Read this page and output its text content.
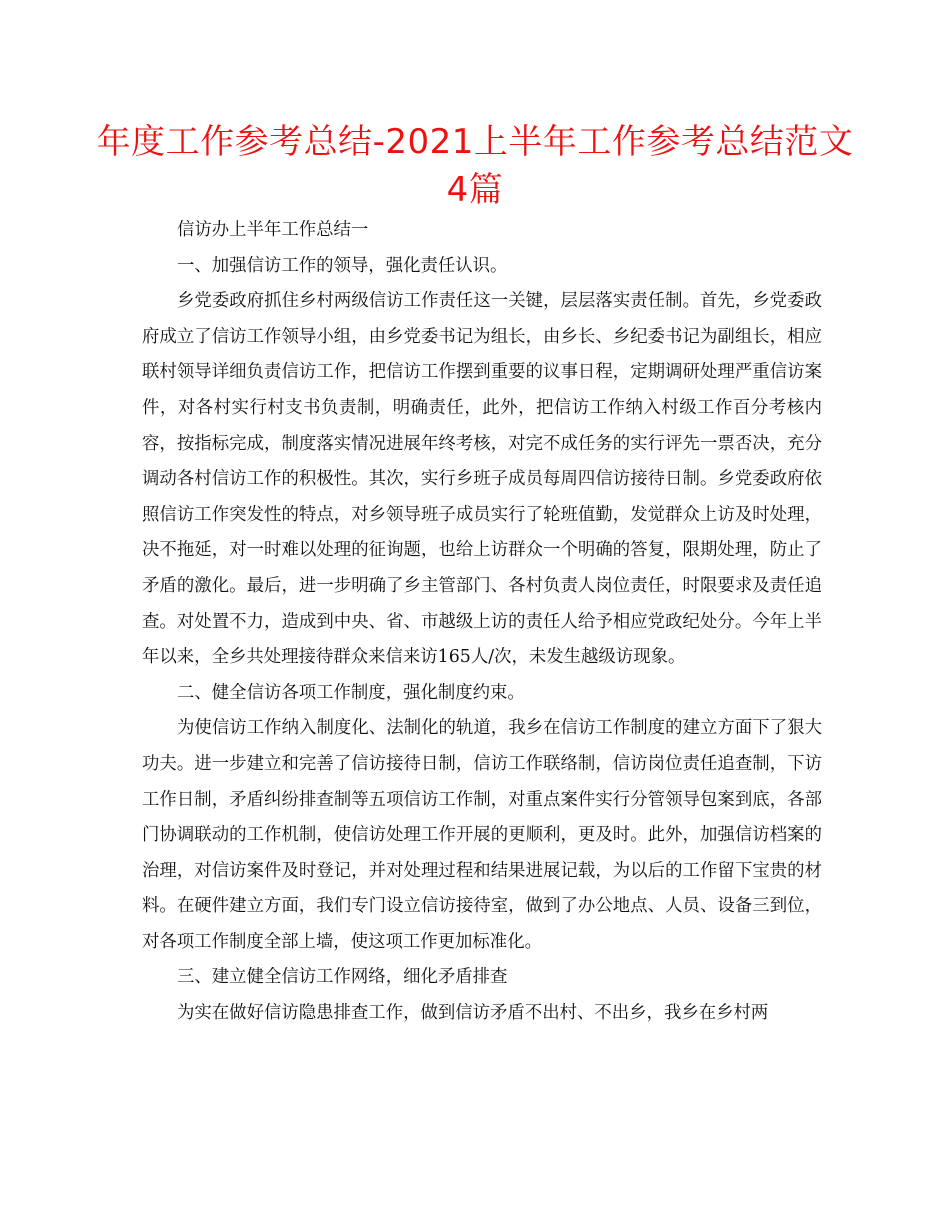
年度工作参考总结-2021上半年工作参考总结范文4篇

信访办上半年工作总结一

一、加强信访工作的领导，强化责任认识。

乡党委政府抓住乡村两级信访工作责任这一关键，层层落实责任制。首先，乡党委政府成立了信访工作领导小组，由乡党委书记为组长，由乡长、乡纪委书记为副组长，相应联村领导详细负责信访工作，把信访工作摆到重要的议事日程，定期调研处理严重信访案件，对各村实行村支书负责制，明确责任，此外，把信访工作纳入村级工作百分考核内容，按指标完成，制度落实情况进展年终考核，对完不成任务的实行评先一票否决，充分调动各村信访工作的积极性。其次，实行乡班子成员每周四信访接待日制。乡党委政府依照信访工作突发性的特点，对乡领导班子成员实行了轮班值勤，发觉群众上访及时处理，决不拖延，对一时难以处理的征询题，也给上访群众一个明确的答复，限期处理，防止了矛盾的激化。最后，进一步明确了乡主管部门、各村负责人岗位责任，时限要求及责任追查。对处置不力，造成到中央、省、市越级上访的责任人给予相应党政纪处分。今年上半年以来，全乡共处理接待群众来信来访165人/次，未发生越级访现象。

二、健全信访各项工作制度，强化制度约束。

为使信访工作纳入制度化、法制化的轨道，我乡在信访工作制度的建立方面下了狠大功夫。进一步建立和完善了信访接待日制，信访工作联络制，信访岗位责任追查制，下访工作日制，矛盾纠纷排查制等五项信访工作制，对重点案件实行分管领导包案到底，各部门协调联动的工作机制，使信访处理工作开展的更顺利，更及时。此外，加强信访档案的治理，对信访案件及时登记，并对处理过程和结果进展记载，为以后的工作留下宝贵的材料。在硬件建立方面，我们专门设立信访接待室，做到了办公地点、人员、设备三到位，对各项工作制度全部上墙，使这项工作更加标准化。

三、建立健全信访工作网络，细化矛盾排查

为实在做好信访隐患排查工作，做到信访矛盾不出村、不出乡，我乡在乡村两
